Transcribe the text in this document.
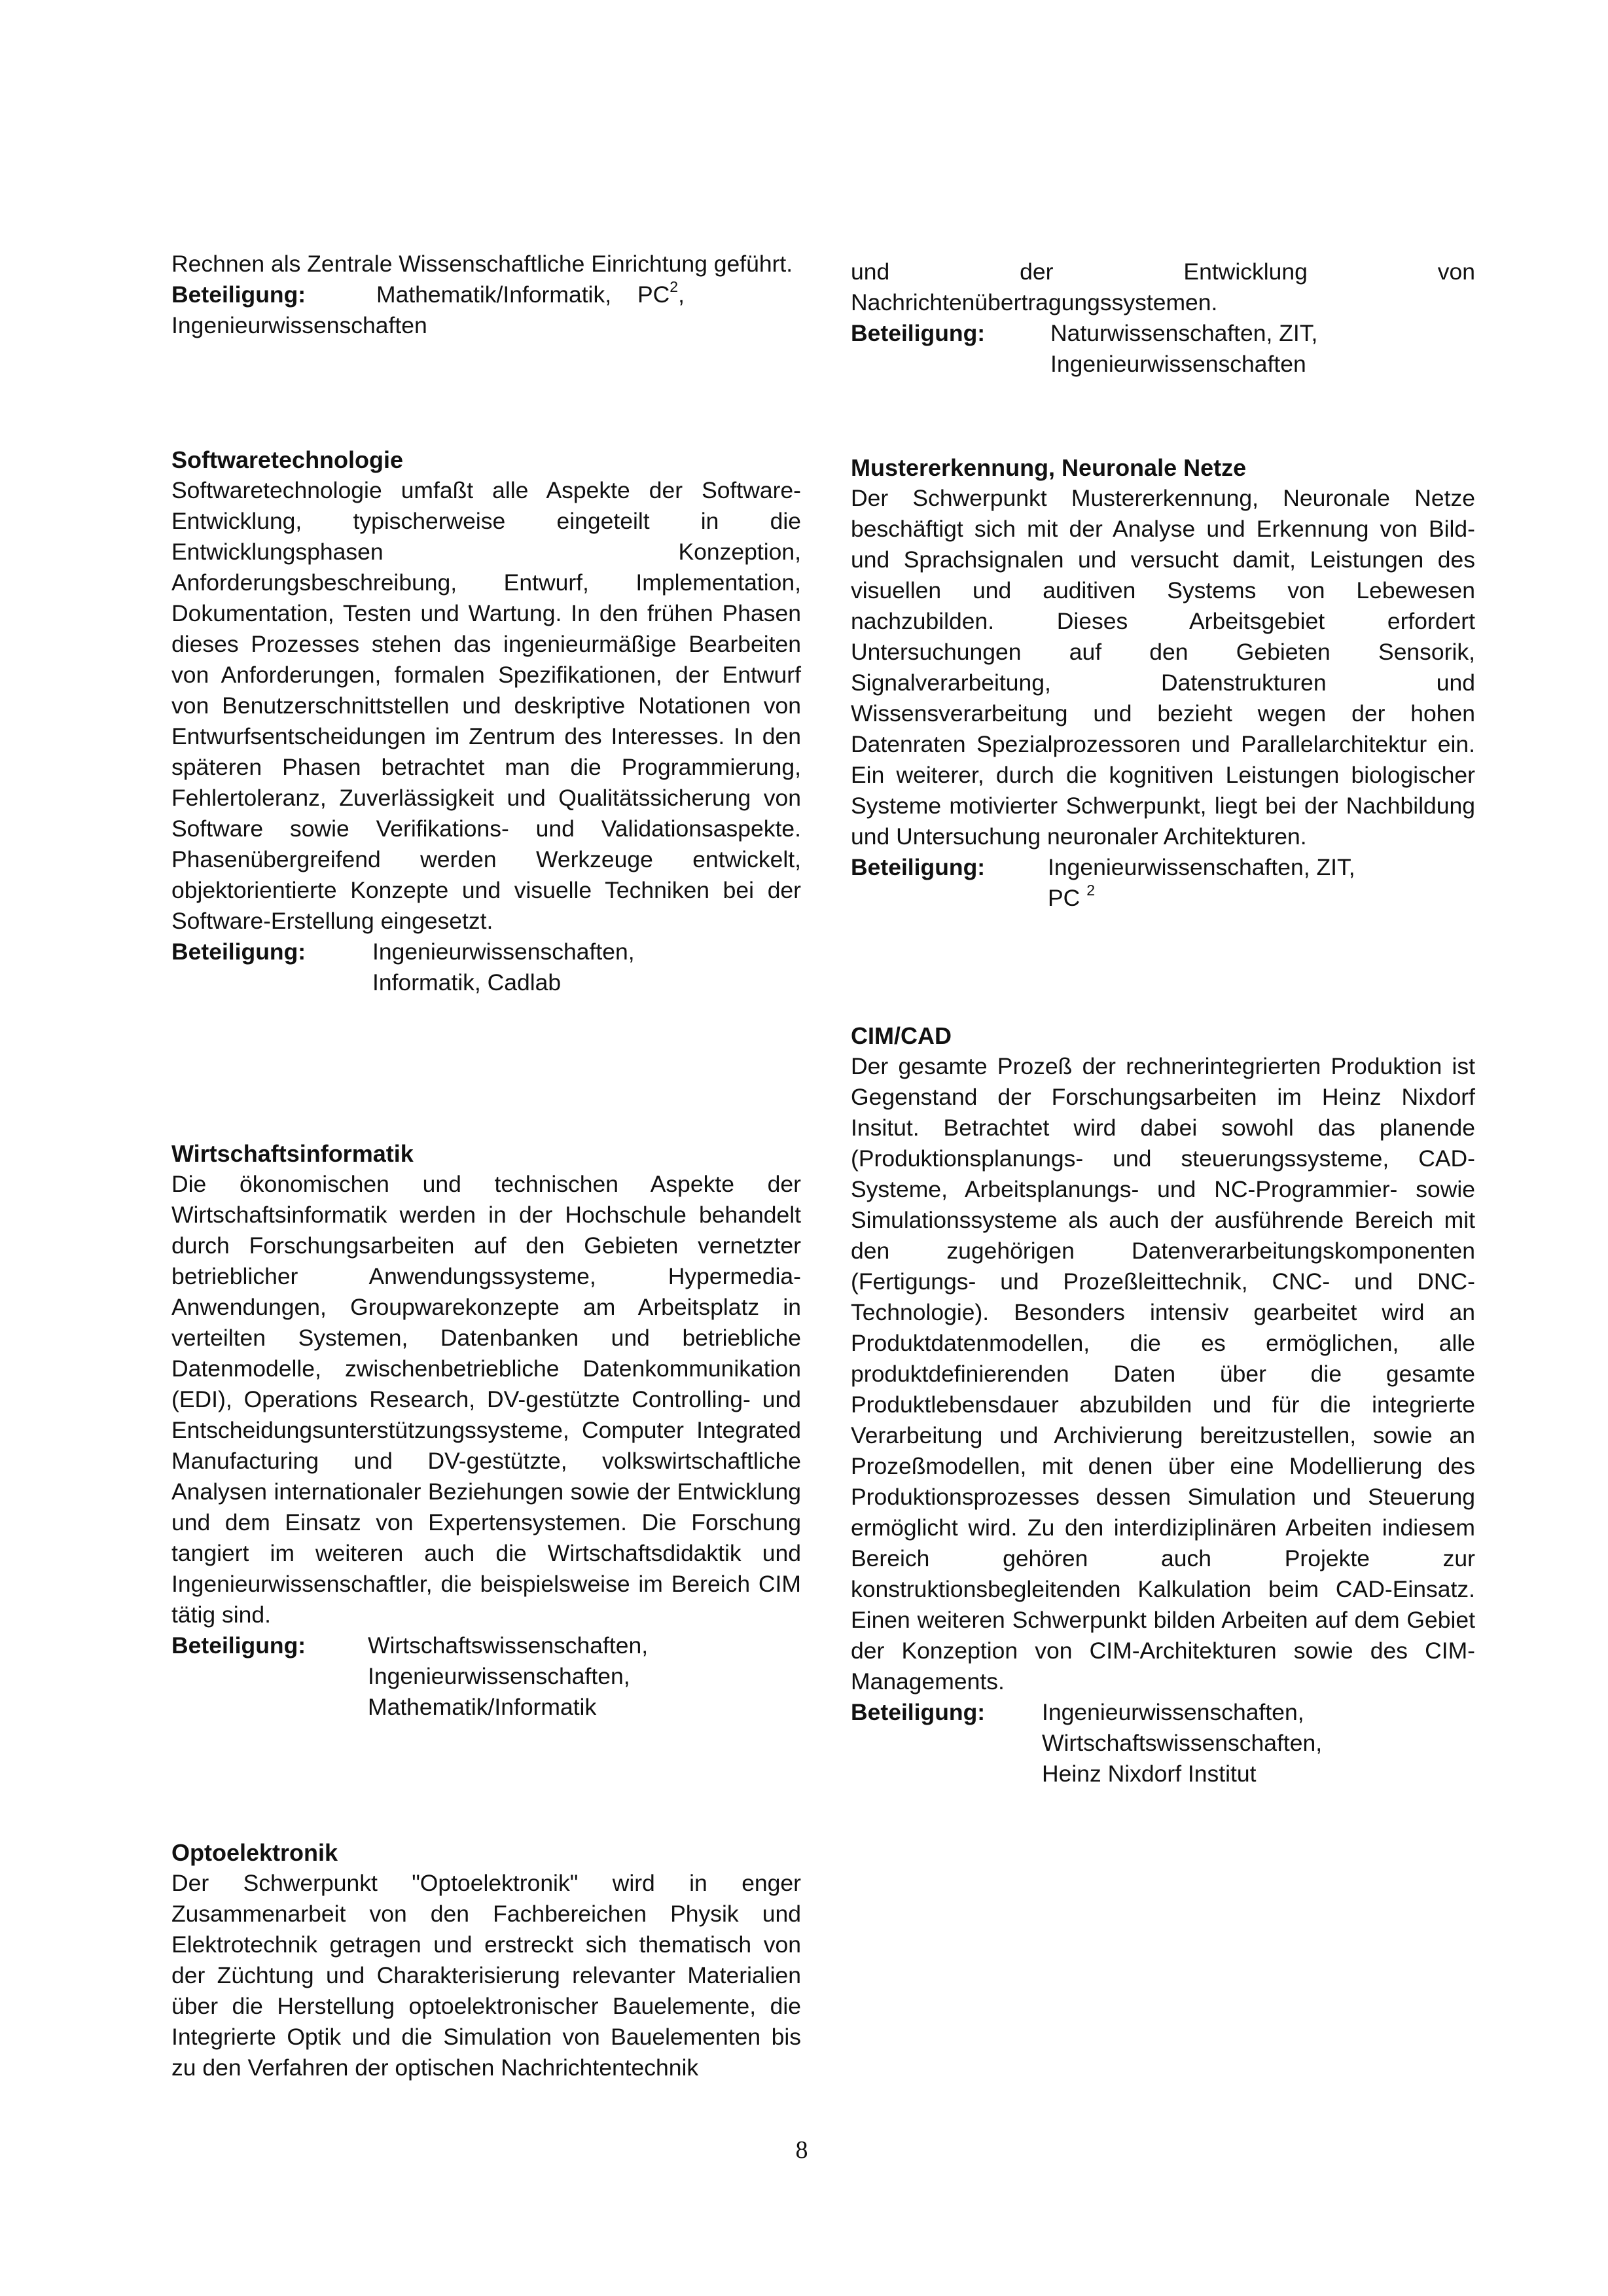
Rechnen als Zentrale Wissenschaftliche Einrichtung geführt.

Beteiligung:	Mathematik/Informatik, $PC^2$,
Ingenieurwissenschaften
Softwaretechnologie

Softwaretechnologie umfaßt alle Aspekte der Software-Entwicklung, typischerweise eingeteilt in die Entwicklungsphasen Konzeption, Anforderungsbeschreibung, Entwurf, Implementation, Dokumentation, Testen und Wartung. In den frühen Phasen dieses Prozesses stehen das ingenieurmäßige Bearbeiten von Anforderungen, formalen Spezifikationen, der Entwurf von Benutzerschnittstellen und deskriptive Notationen von Entwurfsentscheidungen im Zentrum des Interesses. In den späteren Phasen betrachtet man die Programmierung, Fehlertoleranz, Zuverlässigkeit und Qualitätssicherung von Software sowie Verifikations- und Validationsaspekte. Phasenübergreifend werden Werkzeuge entwickelt, objektorientierte Konzepte und visuelle Techniken bei der Software-Erstellung eingesetzt.

Beteiligung:	Ingenieurwissenschaften,
Informatik, Cadlab
Wirtschaftsinformatik

Die ökonomischen und technischen Aspekte der Wirtschaftsinformatik werden in der Hochschule behandelt durch Forschungsarbeiten auf den Gebieten vernetzter betrieblicher Anwendungssysteme, Hypermedia-Anwendungen, Groupwarekonzepte am Arbeitsplatz in verteilten Systemen, Datenbanken und betriebliche Datenmodelle, zwischenbetriebliche Datenkommunikation (EDI), Operations Research, DV-gestützte Controlling- und Entscheidungsunterstützungssysteme, Computer Integrated Manufacturing und DV-gestützte, volkswirtschaftliche Analysen internationaler Beziehungen sowie der Entwicklung und dem Einsatz von Expertensystemen. Die Forschung tangiert im weiteren auch die Wirtschaftsdidaktik und Ingenieurwissenschaftler, die beispielsweise im Bereich CIM tätig sind.

Beteiligung:	Wirtschaftswissenschaften,
Ingenieurwissenschaften,
Mathematik/Informatik
Optoelektronik

Der Schwerpunkt "Optoelektronik" wird in enger Zusammenarbeit von den Fachbereichen Physik und Elektrotechnik getragen und erstreckt sich thematisch von der Züchtung und Charakterisierung relevanter Materialien über die Herstellung optoelektronischer Bauelemente, die Integrierte Optik und die Simulation von Bauelementen bis zu den Verfahren der optischen Nachrichtentechnik

und der Entwicklung von Nachrichtenübertragungssystemen.

Beteiligung:	Naturwissenschaften, ZIT,
Ingenieurwissenschaften
Mustererkennung, Neuronale Netze

Der Schwerpunkt Mustererkennung, Neuronale Netze beschäftigt sich mit der Analyse und Erkennung von Bild- und Sprachsignalen und versucht damit, Leistungen des visuellen und auditiven Systems von Lebewesen nachzubilden. Dieses Arbeitsgebiet erfordert Untersuchungen auf den Gebieten Sensorik, Signalverarbeitung, Datenstrukturen und Wissensverarbeitung und bezieht wegen der hohen Datenraten Spezialprozessoren und Parallelarchitektur ein. Ein weiterer, durch die kognitiven Leistungen biologischer Systeme motivierter Schwerpunkt, liegt bei der Nachbildung und Untersuchung neuronaler Architekturen.

Beteiligung:	Ingenieurwissenschaften, ZIT,
PC $^2$
CIM/CAD

Der gesamte Prozeß der rechnerintegrierten Produktion ist Gegenstand der Forschungsarbeiten im Heinz Nixdorf Insitut. Betrachtet wird dabei sowohl das planende (Produktionsplanungs- und steuerungssysteme, CAD-Systeme, Arbeitsplanungs- und NC-Programmier- sowie Simulationssysteme als auch der ausführende Bereich mit den zugehörigen Datenverarbeitungskomponenten (Fertigungs- und Prozeßleittechnik, CNC- und DNC-Technologie). Besonders intensiv gearbeitet wird an Produktdatenmodellen, die es ermöglichen, alle produktdefinierenden Daten über die gesamte Produktlebensdauer abzubilden und für die integrierte Verarbeitung und Archivierung bereitzustellen, sowie an Prozeßmodellen, mit denen über eine Modellierung des Produktionsprozesses dessen Simulation und Steuerung ermöglicht wird. Zu den interdiziplinären Arbeiten indiesem Bereich gehören auch Projekte zur konstruktionsbegleitenden Kalkulation beim CAD-Einsatz. Einen weiteren Schwerpunkt bilden Arbeiten auf dem Gebiet der Konzeption von CIM-Architekturen sowie des CIM-Managements.

Beteiligung:	Ingenieurwissenschaften,
Wirtschaftswissenschaften,
Heinz Nixdorf Institut
8
